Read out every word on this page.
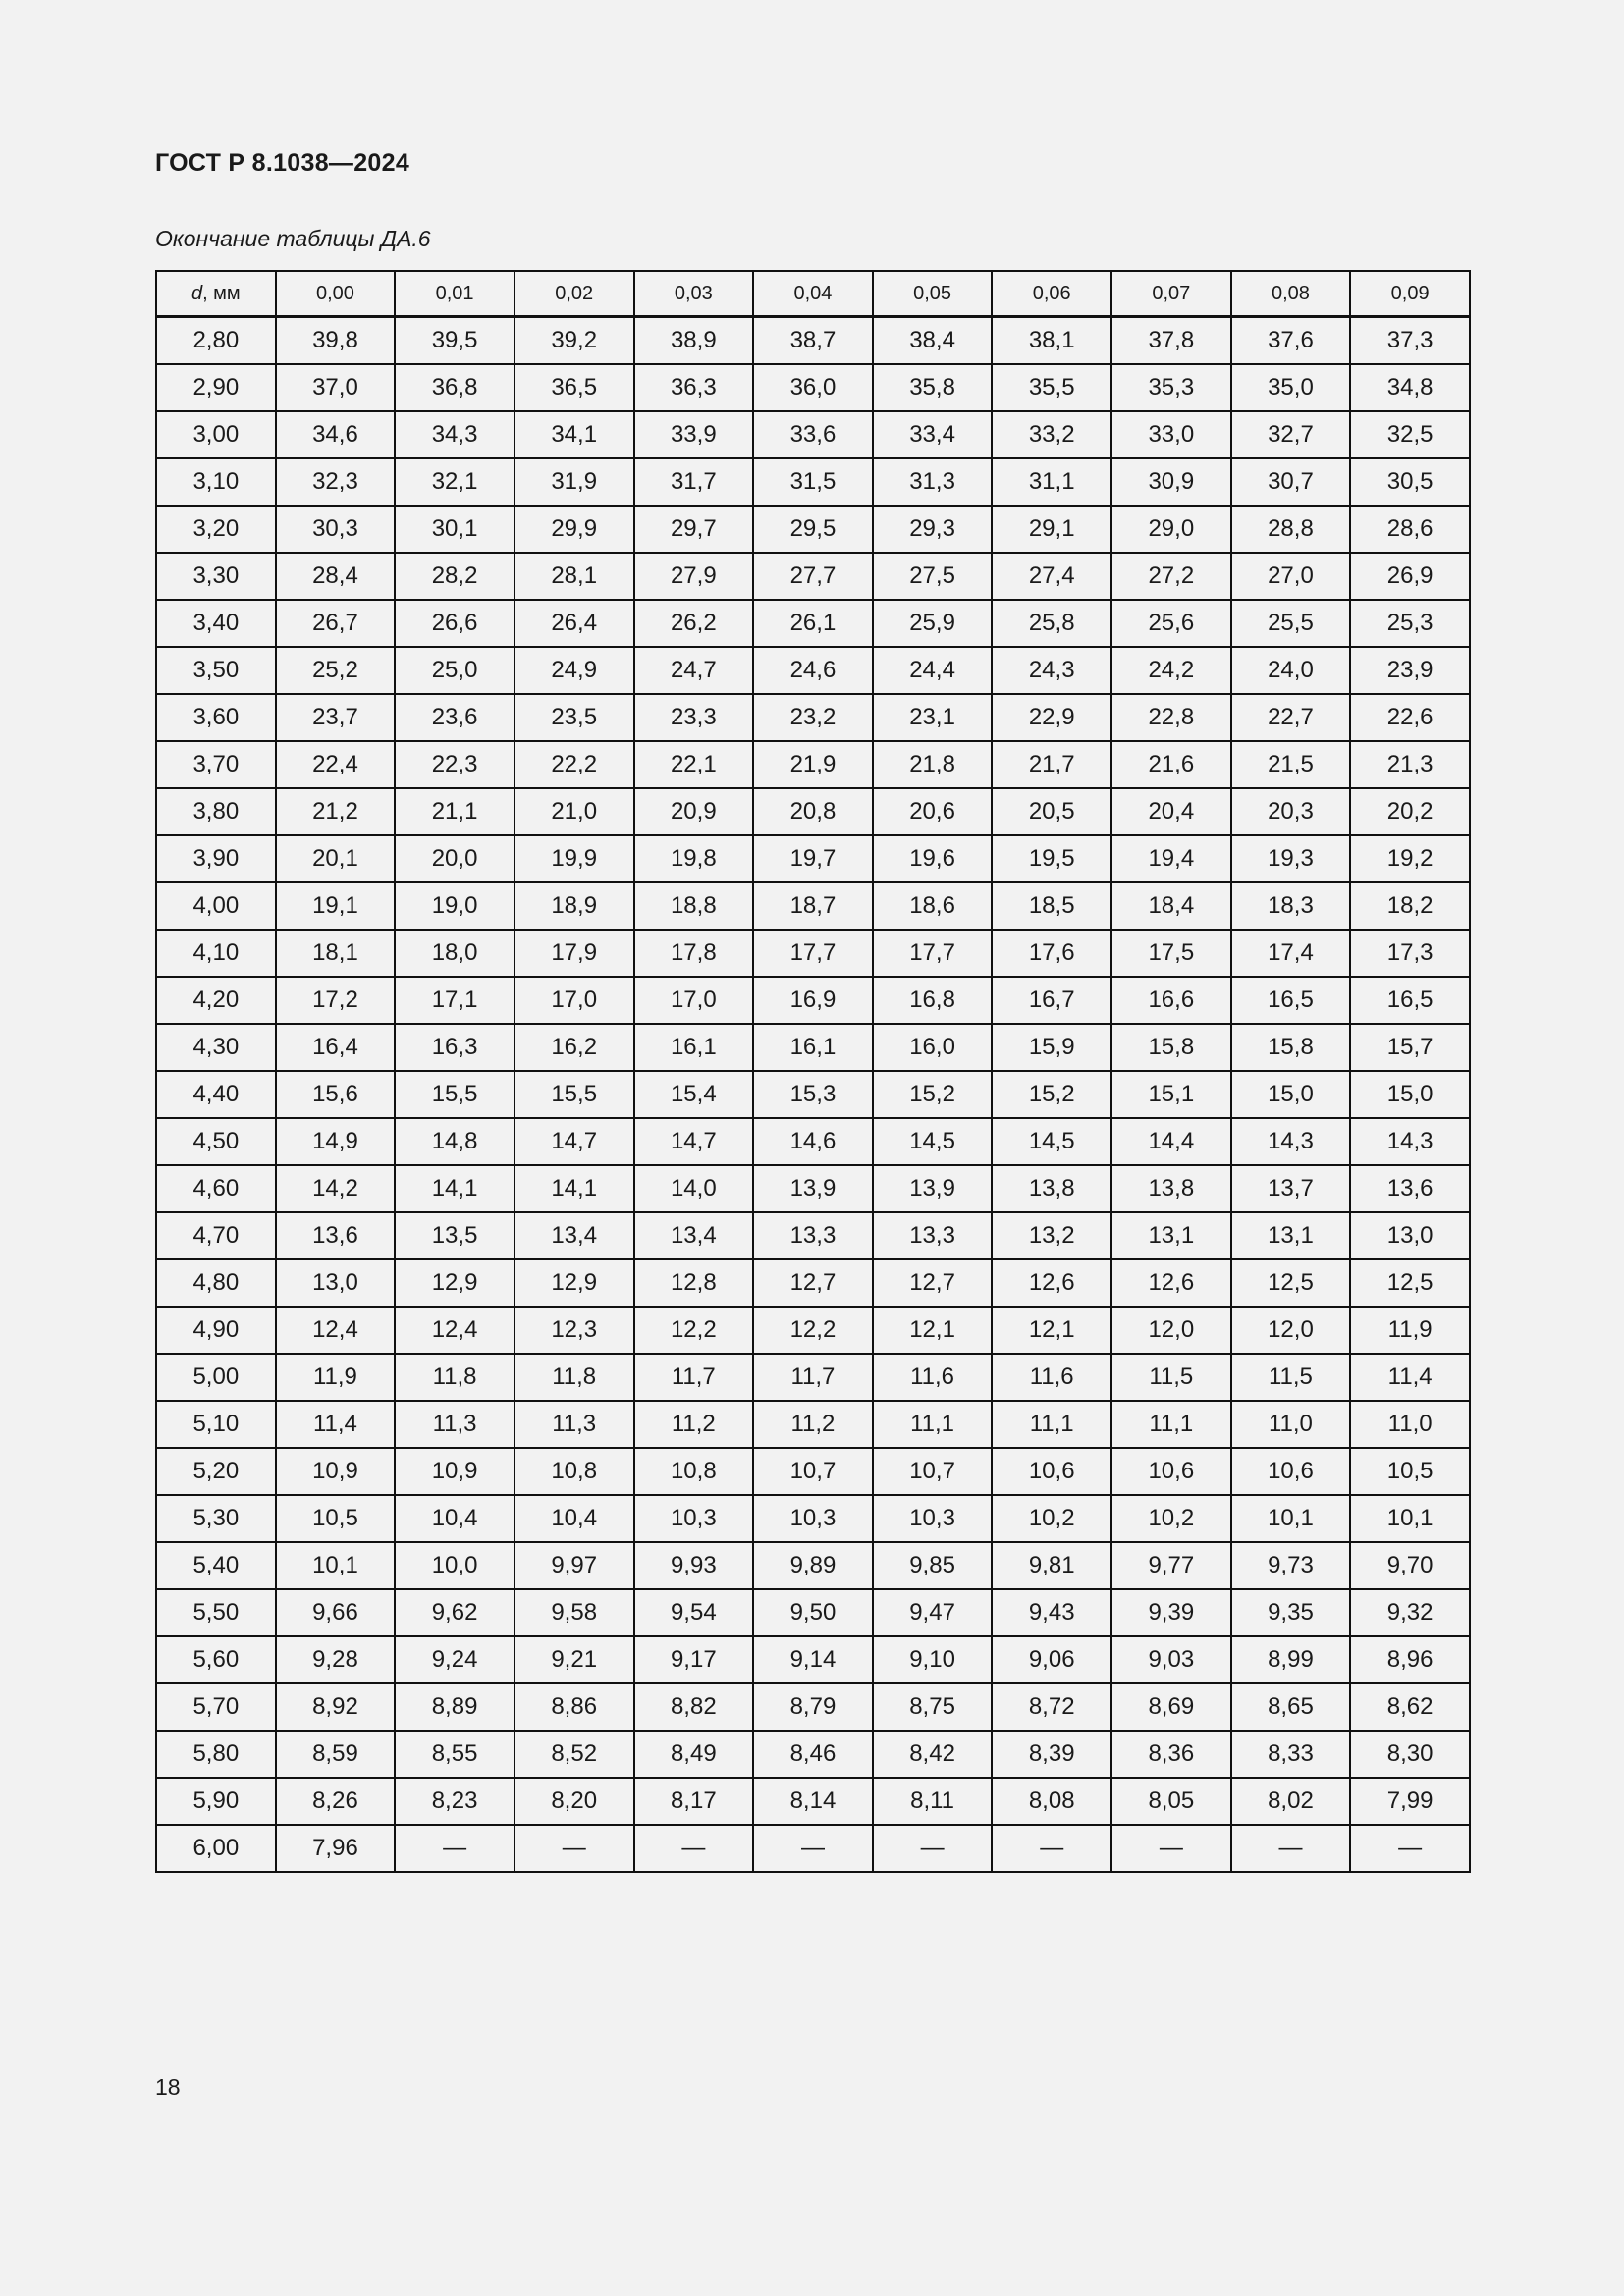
ГОСТ Р 8.1038—2024

Окончание таблицы ДА.6

d, мм	0,00	0,01	0,02	0,03	0,04	0,05	0,06	0,07	0,08	0,09
2,80	39,8	39,5	39,2	38,9	38,7	38,4	38,1	37,8	37,6	37,3
2,90	37,0	36,8	36,5	36,3	36,0	35,8	35,5	35,3	35,0	34,8
3,00	34,6	34,3	34,1	33,9	33,6	33,4	33,2	33,0	32,7	32,5
3,10	32,3	32,1	31,9	31,7	31,5	31,3	31,1	30,9	30,7	30,5
3,20	30,3	30,1	29,9	29,7	29,5	29,3	29,1	29,0	28,8	28,6
3,30	28,4	28,2	28,1	27,9	27,7	27,5	27,4	27,2	27,0	26,9
3,40	26,7	26,6	26,4	26,2	26,1	25,9	25,8	25,6	25,5	25,3
3,50	25,2	25,0	24,9	24,7	24,6	24,4	24,3	24,2	24,0	23,9
3,60	23,7	23,6	23,5	23,3	23,2	23,1	22,9	22,8	22,7	22,6
3,70	22,4	22,3	22,2	22,1	21,9	21,8	21,7	21,6	21,5	21,3
3,80	21,2	21,1	21,0	20,9	20,8	20,6	20,5	20,4	20,3	20,2
3,90	20,1	20,0	19,9	19,8	19,7	19,6	19,5	19,4	19,3	19,2
4,00	19,1	19,0	18,9	18,8	18,7	18,6	18,5	18,4	18,3	18,2
4,10	18,1	18,0	17,9	17,8	17,7	17,7	17,6	17,5	17,4	17,3
4,20	17,2	17,1	17,0	17,0	16,9	16,8	16,7	16,6	16,5	16,5
4,30	16,4	16,3	16,2	16,1	16,1	16,0	15,9	15,8	15,8	15,7
4,40	15,6	15,5	15,5	15,4	15,3	15,2	15,2	15,1	15,0	15,0
4,50	14,9	14,8	14,7	14,7	14,6	14,5	14,5	14,4	14,3	14,3
4,60	14,2	14,1	14,1	14,0	13,9	13,9	13,8	13,8	13,7	13,6
4,70	13,6	13,5	13,4	13,4	13,3	13,3	13,2	13,1	13,1	13,0
4,80	13,0	12,9	12,9	12,8	12,7	12,7	12,6	12,6	12,5	12,5
4,90	12,4	12,4	12,3	12,2	12,2	12,1	12,1	12,0	12,0	11,9
5,00	11,9	11,8	11,8	11,7	11,7	11,6	11,6	11,5	11,5	11,4
5,10	11,4	11,3	11,3	11,2	11,2	11,1	11,1	11,1	11,0	11,0
5,20	10,9	10,9	10,8	10,8	10,7	10,7	10,6	10,6	10,6	10,5
5,30	10,5	10,4	10,4	10,3	10,3	10,3	10,2	10,2	10,1	10,1
5,40	10,1	10,0	9,97	9,93	9,89	9,85	9,81	9,77	9,73	9,70
5,50	9,66	9,62	9,58	9,54	9,50	9,47	9,43	9,39	9,35	9,32
5,60	9,28	9,24	9,21	9,17	9,14	9,10	9,06	9,03	8,99	8,96
5,70	8,92	8,89	8,86	8,82	8,79	8,75	8,72	8,69	8,65	8,62
5,80	8,59	8,55	8,52	8,49	8,46	8,42	8,39	8,36	8,33	8,30
5,90	8,26	8,23	8,20	8,17	8,14	8,11	8,08	8,05	8,02	7,99
6,00	7,96	—	—	—	—	—	—	—	—	—

18
